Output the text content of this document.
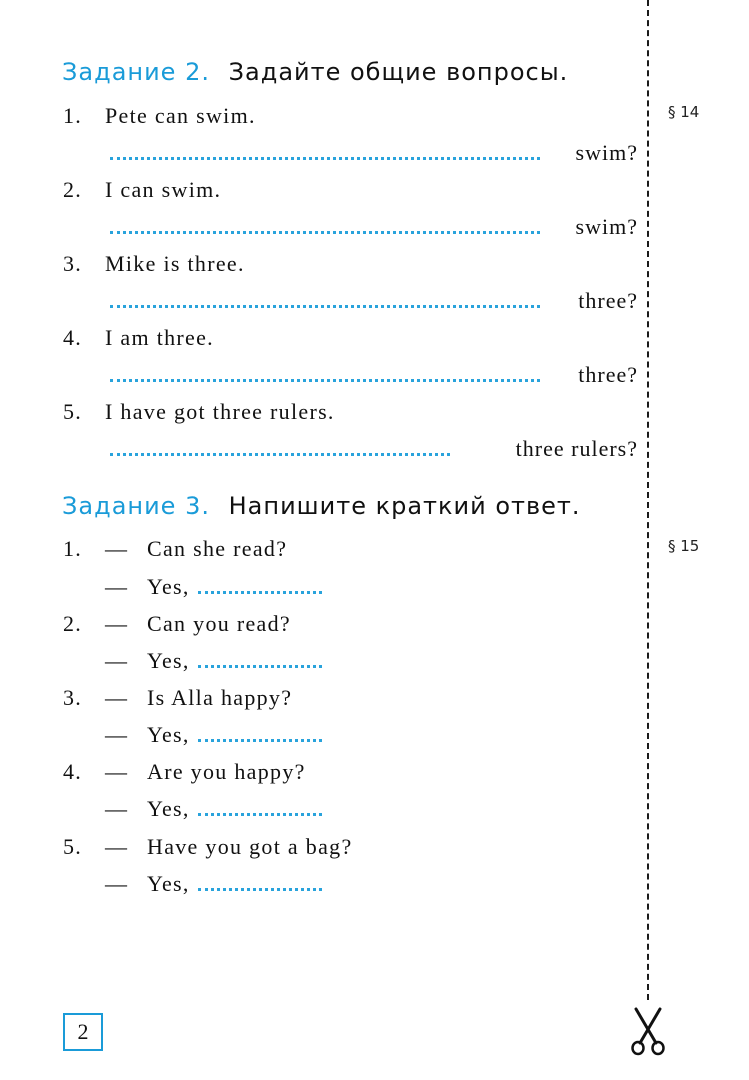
Задание 2. Задайте общие вопросы.
§ 14
1. Pete can swim.
swim?
2. I can swim.
swim?
3. Mike is three.
three?
4. I am three.
three?
5. I have got three rulers.
three rulers?
Задание 3. Напишите краткий ответ.
§ 15
1. — Can she read?
— Yes,
2. — Can you read?
— Yes,
3. — Is Alla happy?
— Yes,
4. — Are you happy?
— Yes,
5. — Have you got a bag?
— Yes,
2
